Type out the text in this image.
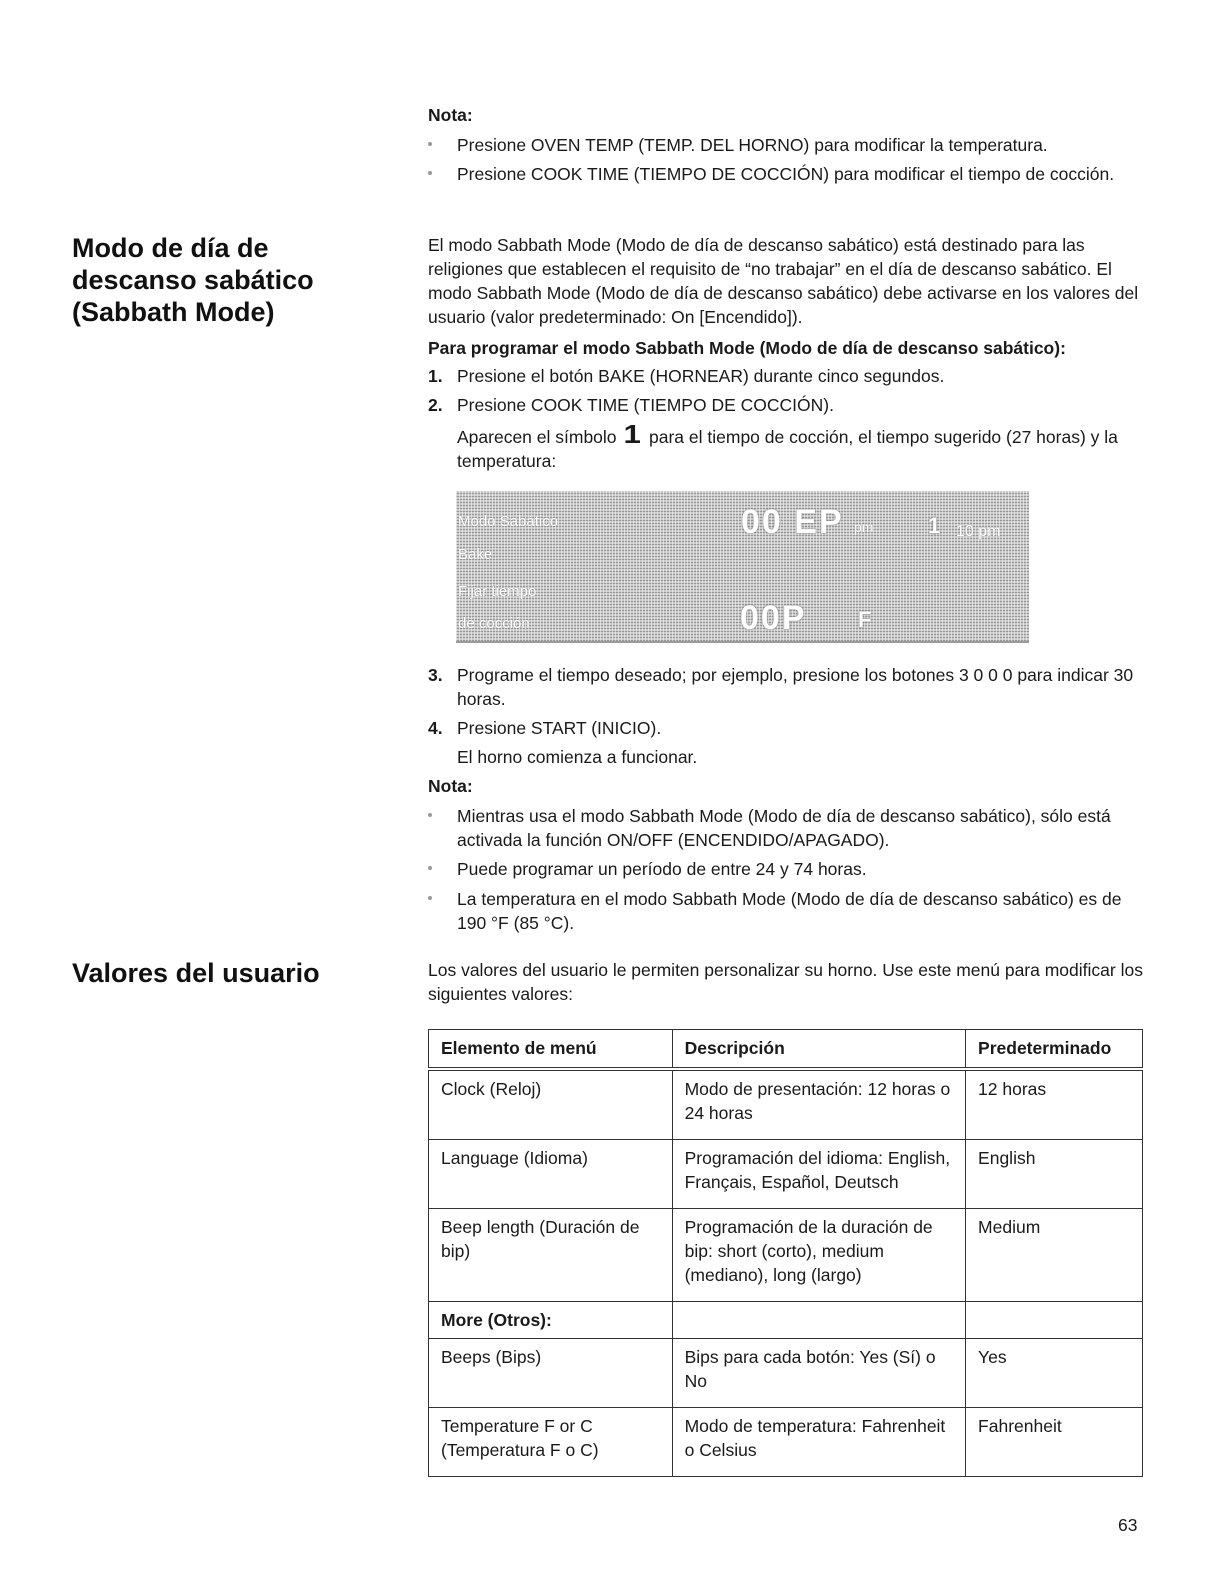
Nota:
Presione OVEN TEMP (TEMP. DEL HORNO) para modificar la temperatura.
Presione COOK TIME (TIEMPO DE COCCIÓN) para modificar el tiempo de cocción.
Modo de día de descanso sabático (Sabbath Mode)
El modo Sabbath Mode (Modo de día de descanso sabático) está destinado para las religiones que establecen el requisito de “no trabajar” en el día de descanso sabático. El modo Sabbath Mode (Modo de día de descanso sabático) debe activarse en los valores del usuario (valor predeterminado: On [Encendido]).
Para programar el modo Sabbath Mode (Modo de día de descanso sabático):
1. Presione el botón BAKE (HORNEAR) durante cinco segundos.
2. Presione COOK TIME (TIEMPO DE COCCIÓN).
Aparecen el símbolo 1 para el tiempo de cocción, el tiempo sugerido (27 horas) y la temperatura:
Modo Sabático
Bake
Fijar tiempo
de cocción
00 EP pm 1 10 pm
00P F
3. Programe el tiempo deseado; por ejemplo, presione los botones 3 0 0 0 para indicar 30 horas.
4. Presione START (INICIO).
El horno comienza a funcionar.
Nota:
Mientras usa el modo Sabbath Mode (Modo de día de descanso sabático), sólo está activada la función ON/OFF (ENCENDIDO/APAGADO).
Puede programar un período de entre 24 y 74 horas.
La temperatura en el modo Sabbath Mode (Modo de día de descanso sabático) es de 190 °F (85 °C).
Valores del usuario	Los valores del usuario le permiten personalizar su horno. Use este menú para modificar los siguientes valores:
Elemento de menú	Descripción	Predeterminado
Clock (Reloj)	Modo de presentación: 12 horas o 24 horas	12 horas
Language (Idioma)	Programación del idioma: English, Français, Español, Deutsch	English
Beep length (Duración de bip)	Programación de la duración de bip: short (corto), medium (mediano), long (largo)	Medium
More (Otros):		
Beeps (Bips)	Bips para cada botón: Yes (Sí) o No	Yes
Temperature F or C (Temperatura F o C)	Modo de temperatura: Fahrenheit o Celsius	Fahrenheit
63
